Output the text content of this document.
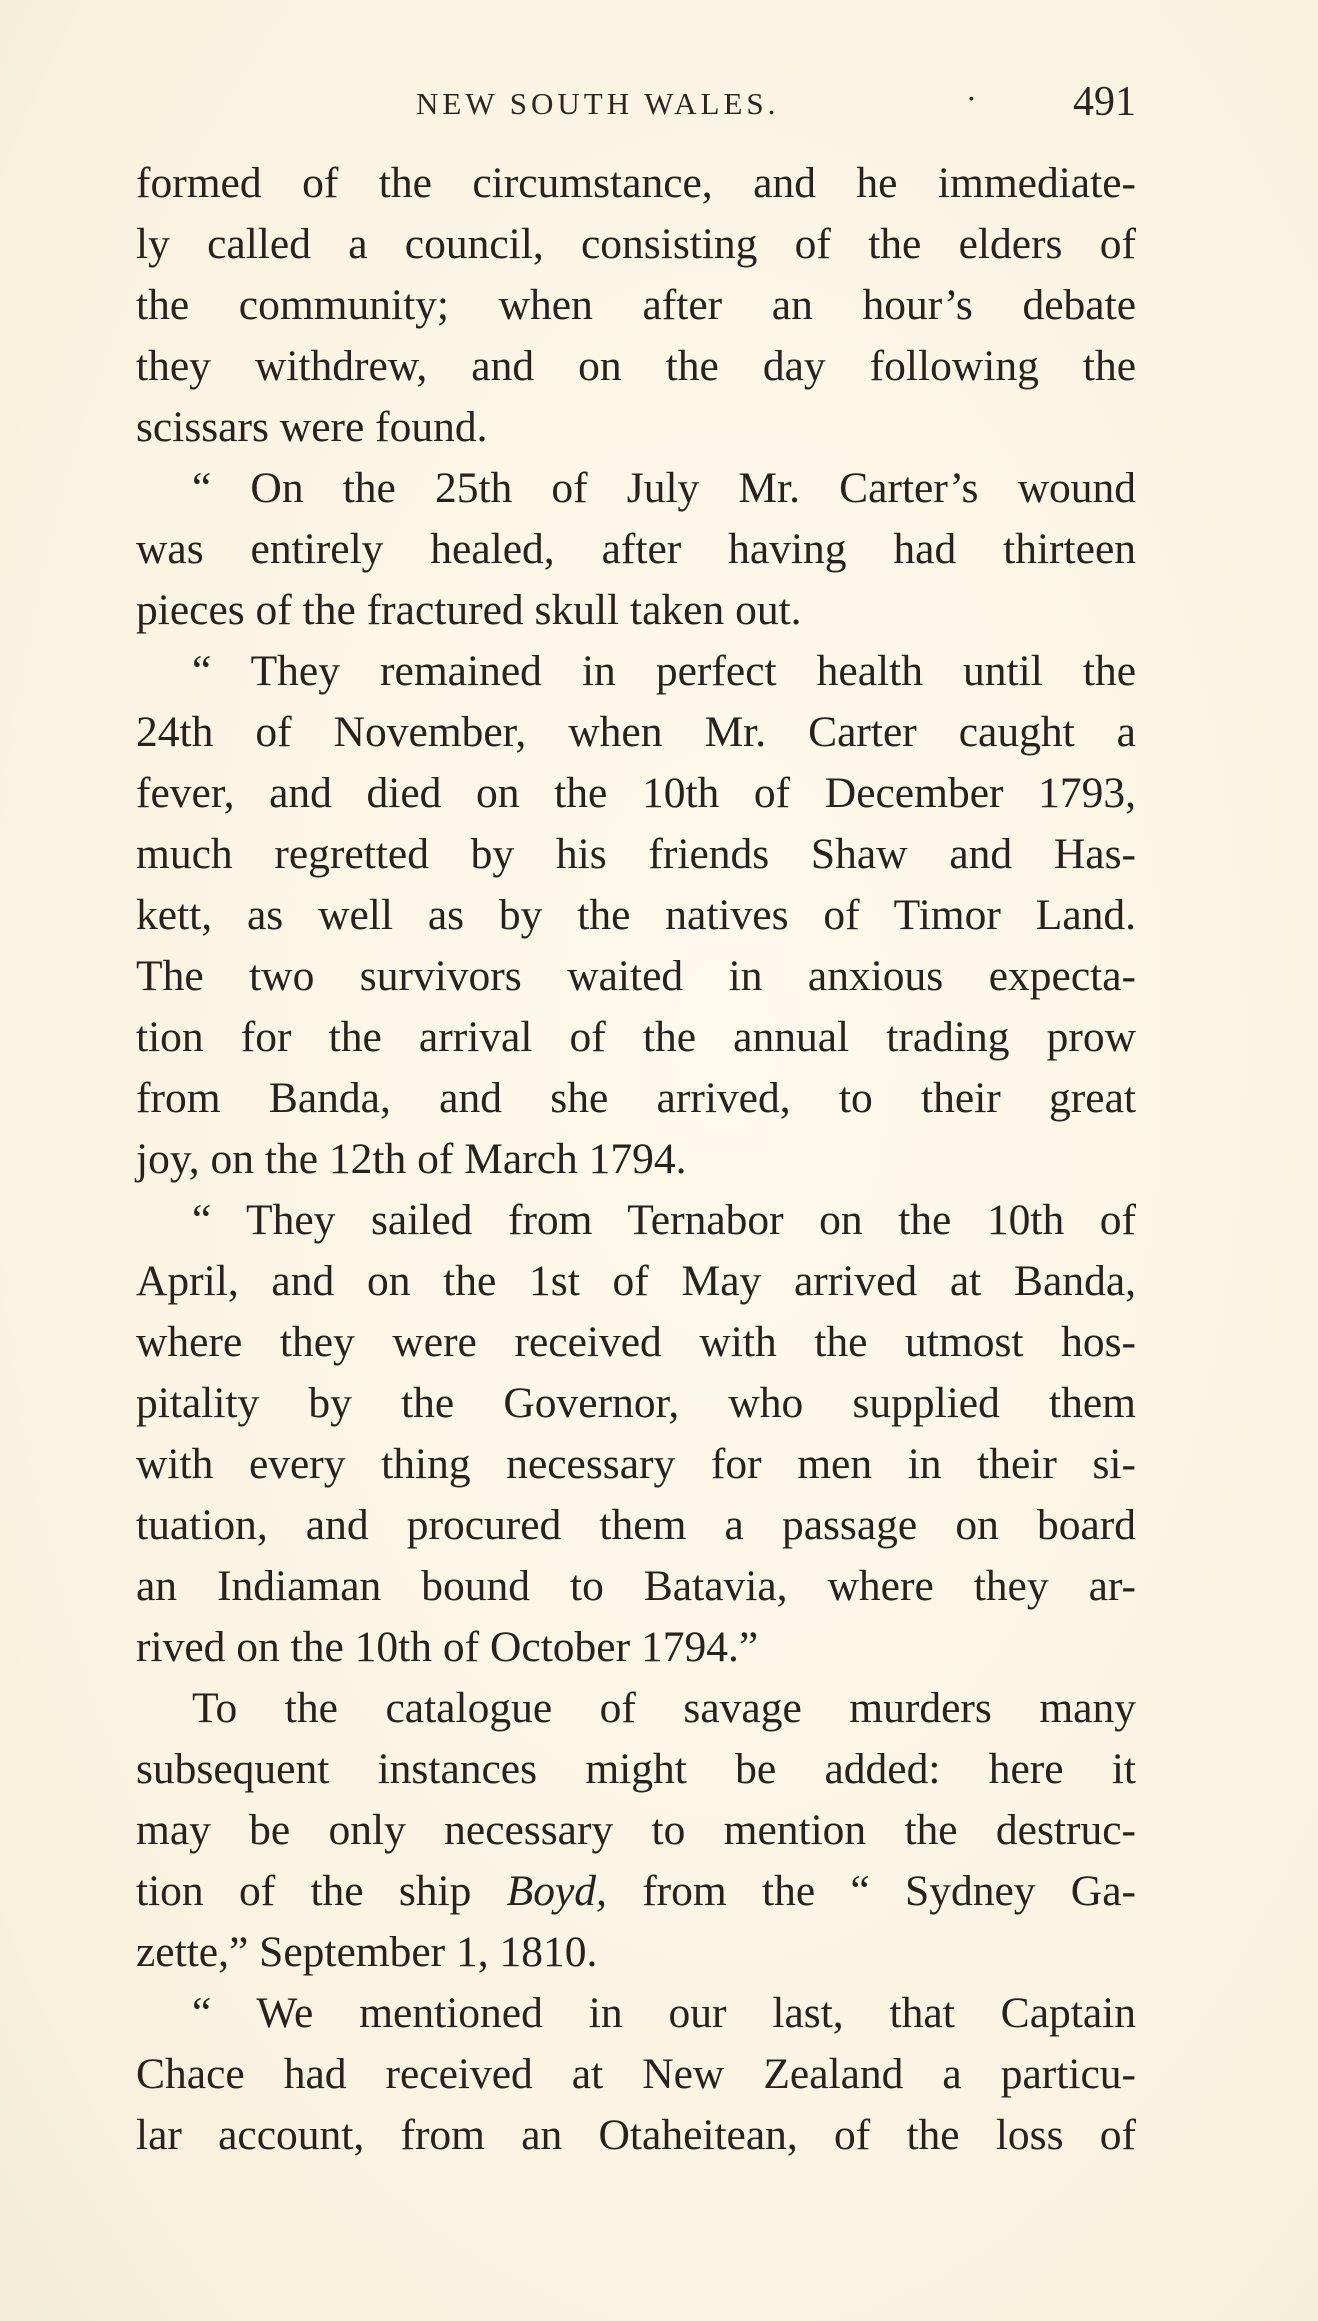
NEW SOUTH WALES.	· 491
formed of the circumstance, and he immediate-
ly called a council, consisting of the elders of
the community; when after an hour’s debate
they withdrew, and on the day following the
scissars were found.
“ On the 25th of July Mr. Carter’s wound
was entirely healed, after having had thirteen
pieces of the fractured skull taken out.
“ They remained in perfect health until the
24th of November, when Mr. Carter caught a
fever, and died on the 10th of December 1793,
much regretted by his friends Shaw and Has-
kett, as well as by the natives of Timor Land.
The two survivors waited in anxious expecta-
tion for the arrival of the annual trading prow
from Banda, and she arrived, to their great
joy, on the 12th of March 1794.
“ They sailed from Ternabor on the 10th of
April, and on the 1st of May arrived at Banda,
where they were received with the utmost hos-
pitality by the Governor, who supplied them
with every thing necessary for men in their si-
tuation, and procured them a passage on board
an Indiaman bound to Batavia, where they ar-
rived on the 10th of October 1794.”
To the catalogue of savage murders many
subsequent instances might be added: here it
may be only necessary to mention the destruc-
tion of the ship Boyd, from the “ Sydney Ga-
zette,” September 1, 1810.
“ We mentioned in our last, that Captain
Chace had received at New Zealand a particu-
lar account, from an Otaheitean, of the loss of
